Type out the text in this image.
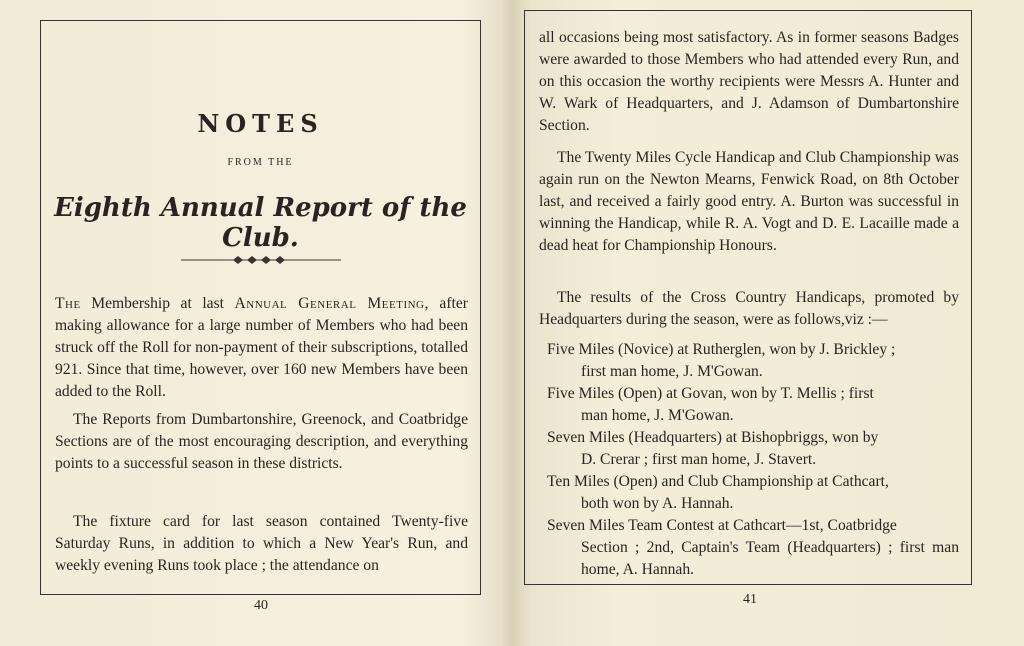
NOTES
FROM THE
Eighth Annual Report of the Club.
The Membership at last Annual General Meeting, after making allowance for a large number of Members who had been struck off the Roll for non-payment of their subscriptions, totalled 921. Since that time, however, over 160 new Members have been added to the Roll.
The Reports from Dumbartonshire, Greenock, and Coatbridge Sections are of the most encouraging description, and everything points to a successful season in these districts.
The fixture card for last season contained Twenty-five Saturday Runs, in addition to which a New Year's Run, and weekly evening Runs took place ; the attendance on
40
all occasions being most satisfactory. As in former seasons Badges were awarded to those Members who had attended every Run, and on this occasion the worthy recipients were Messrs A. Hunter and W. Wark of Headquarters, and J. Adamson of Dumbartonshire Section.
The Twenty Miles Cycle Handicap and Club Championship was again run on the Newton Mearns, Fenwick Road, on 8th October last, and received a fairly good entry. A. Burton was successful in winning the Handicap, while R. A. Vogt and D. E. Lacaille made a dead heat for Championship Honours.
The results of the Cross Country Handicaps, promoted by Headquarters during the season, were as follows,viz :—
Five Miles (Novice) at Rutherglen, won by J. Brickley ;
first man home, J. M'Gowan.
Five Miles (Open) at Govan, won by T. Mellis ; first
man home, J. M'Gowan.
Seven Miles (Headquarters) at Bishopbriggs, won by
D. Crerar ; first man home, J. Stavert.
Ten Miles (Open) and Club Championship at Cathcart,
both won by A. Hannah.
Seven Miles Team Contest at Cathcart—1st, Coatbridge
Section ; 2nd, Captain's Team (Headquarters) ; first man home, A. Hannah.
41
